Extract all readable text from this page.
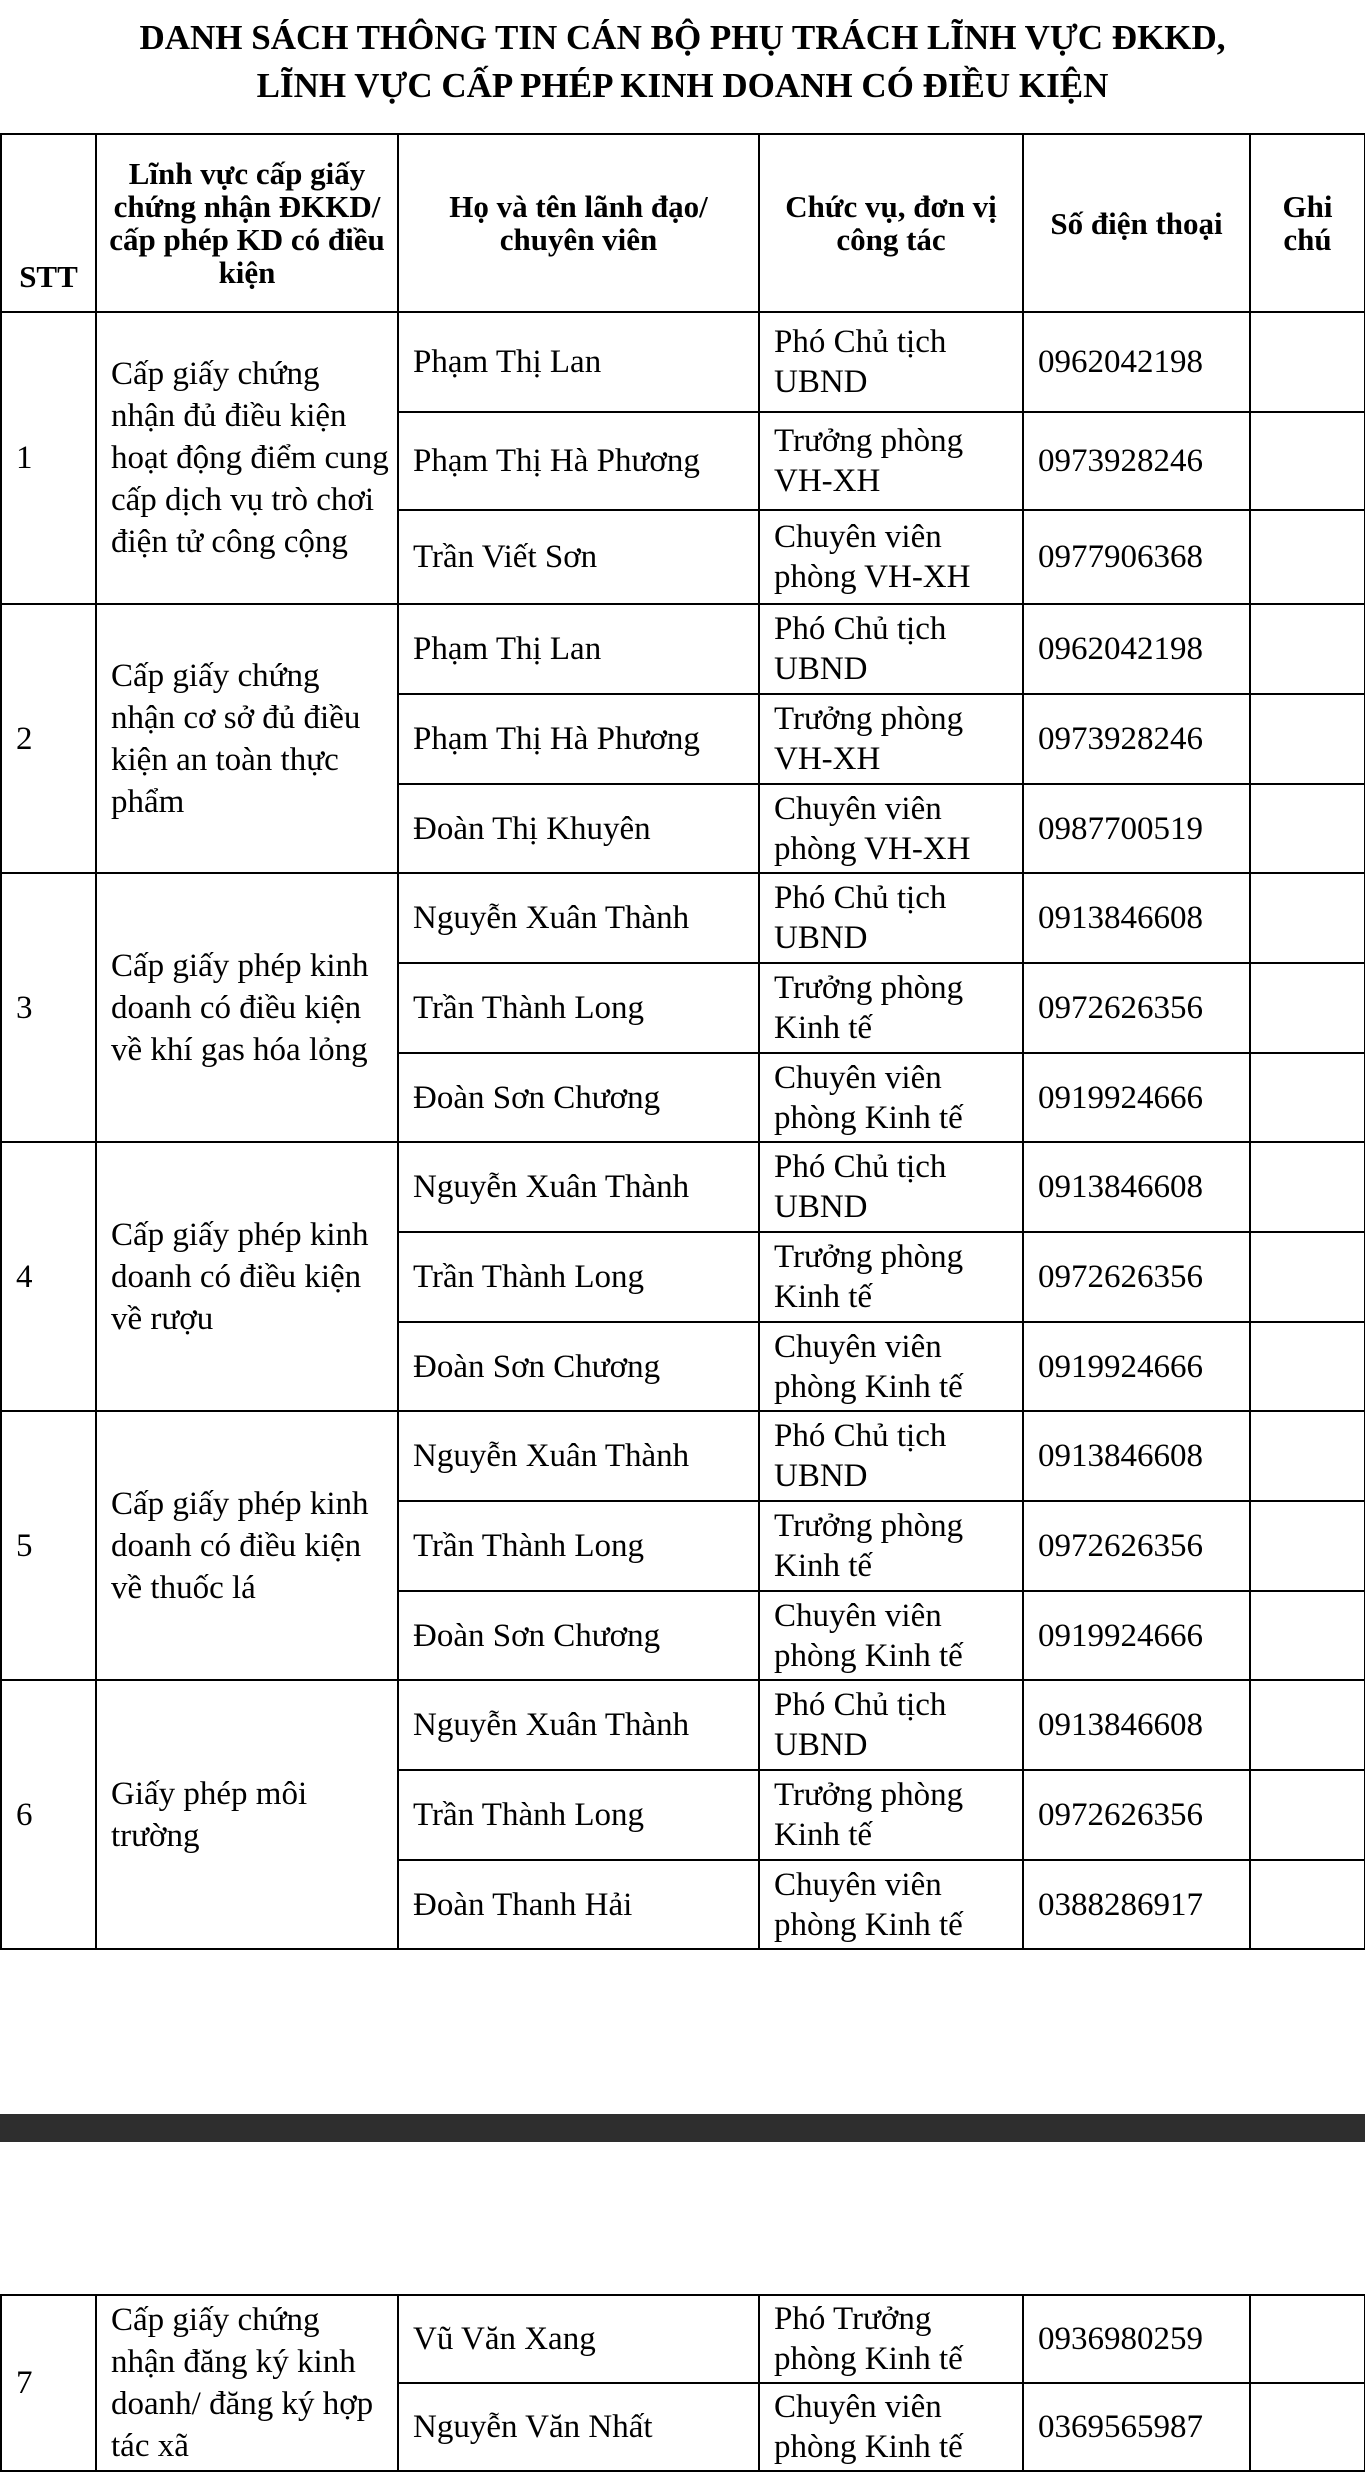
DANH SÁCH THÔNG TIN CÁN BỘ PHỤ TRÁCH LĨNH VỰC ĐKKD,
LĨNH VỰC CẤP PHÉP KINH DOANH CÓ ĐIỀU KIỆN
STT	Lĩnh vực cấp giấy chứng nhận ĐKKD/ cấp phép KD có điều kiện	Họ và tên lãnh đạo/ chuyên viên	Chức vụ, đơn vị công tác	Số điện thoại	Ghi chú
1	Cấp giấy chứng nhận đủ điều kiện hoạt động điểm cung cấp dịch vụ trò chơi điện tử công cộng	Phạm Thị Lan	Phó Chủ tịch UBND	0962042198	
		Phạm Thị Hà Phương	Trưởng phòng VH-XH	0973928246	
		Trần Viết Sơn	Chuyên viên phòng VH-XH	0977906368	
2	Cấp giấy chứng nhận cơ sở đủ điều kiện an toàn thực phẩm	Phạm Thị Lan	Phó Chủ tịch UBND	0962042198	
		Phạm Thị Hà Phương	Trưởng phòng VH-XH	0973928246	
		Đoàn Thị Khuyên	Chuyên viên phòng VH-XH	0987700519	
3	Cấp giấy phép kinh doanh có điều kiện về khí gas hóa lỏng	Nguyễn Xuân Thành	Phó Chủ tịch UBND	0913846608	
		Trần Thành Long	Trưởng phòng Kinh tế	0972626356	
		Đoàn Sơn Chương	Chuyên viên phòng Kinh tế	0919924666	
4	Cấp giấy phép kinh doanh có điều kiện về rượu	Nguyễn Xuân Thành	Phó Chủ tịch UBND	0913846608	
		Trần Thành Long	Trưởng phòng Kinh tế	0972626356	
		Đoàn Sơn Chương	Chuyên viên phòng Kinh tế	0919924666	
5	Cấp giấy phép kinh doanh có điều kiện về thuốc lá	Nguyễn Xuân Thành	Phó Chủ tịch UBND	0913846608	
		Trần Thành Long	Trưởng phòng Kinh tế	0972626356	
		Đoàn Sơn Chương	Chuyên viên phòng Kinh tế	0919924666	
6	Giấy phép môi trường	Nguyễn Xuân Thành	Phó Chủ tịch UBND	0913846608	
		Trần Thành Long	Trưởng phòng Kinh tế	0972626356	
		Đoàn Thanh Hải	Chuyên viên phòng Kinh tế	0388286917	
7	Cấp giấy chứng nhận đăng ký kinh doanh/ đăng ký hợp tác xã	Vũ Văn Xang	Phó Trưởng phòng Kinh tế	0936980259	
		Nguyễn Văn Nhất	Chuyên viên phòng Kinh tế	0369565987	
